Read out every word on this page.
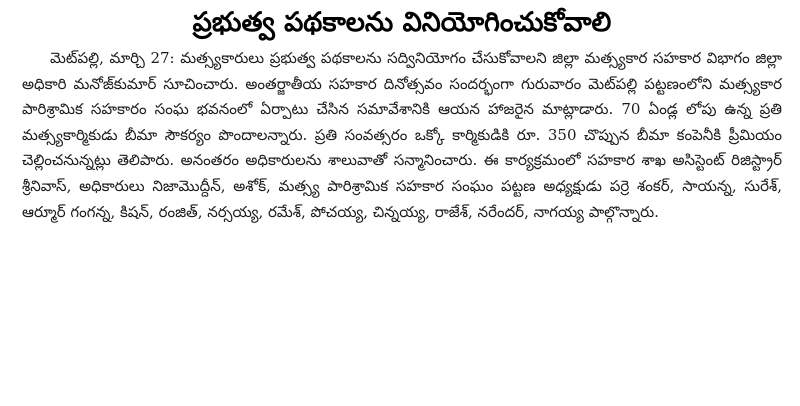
ప్రభుత్వ పథకాలను వినియోగించుకోవాలి

మెట్‌పల్లి, మార్చి 27: మత్స్యకారులు ప్రభుత్వ పథకాలను సద్వినియోగం చేసుకోవాలని జిల్లా మత్స్యకార సహకార విభాగం జిల్లా అధికారి మనోజ్‌కుమార్ సూచించారు. అంతర్జాతీయ సహకార దినోత్సవం సందర్భంగా గురువారం మెట్‌పల్లి పట్టణంలోని మత్స్యకార పారిశ్రామిక సహకారం సంఘ భవనంలో ఏర్పాటు చేసిన సమావేశానికి ఆయన హాజరైన మాట్లాడారు. 70 ఏండ్ల లోపు ఉన్న ప్రతి మత్స్యకార్మికుడు బీమా సౌకర్యం పొందాలన్నారు. ప్రతి సంవత్సరం ఒక్కో కార్మికుడికి రూ. 350 చొప్పున బీమా కంపెనీకి ప్రీమియం చెల్లించనున్నట్లు తెలిపారు. అనంతరం అధికారులను శాలువాతో సన్మానించారు. ఈ కార్యక్రమంలో సహకార శాఖ అసిస్టెంట్ రిజిస్ట్రార్ శ్రీనివాస్, అధికారులు నిజామొద్దీన్, అశోక్, మత్స్య పారిశ్రామిక సహకార సంఘం పట్టణ అధ్యక్షుడు పర్రె శంకర్, సాయన్న, సురేశ్, ఆర్మూర్ గంగన్న, కిషన్, రంజిత్, నర్సయ్య, రమేశ్, పోచయ్య, చిన్నయ్య, రాజేశ్, నరేందర్, నాగయ్య పాల్గొన్నారు.
